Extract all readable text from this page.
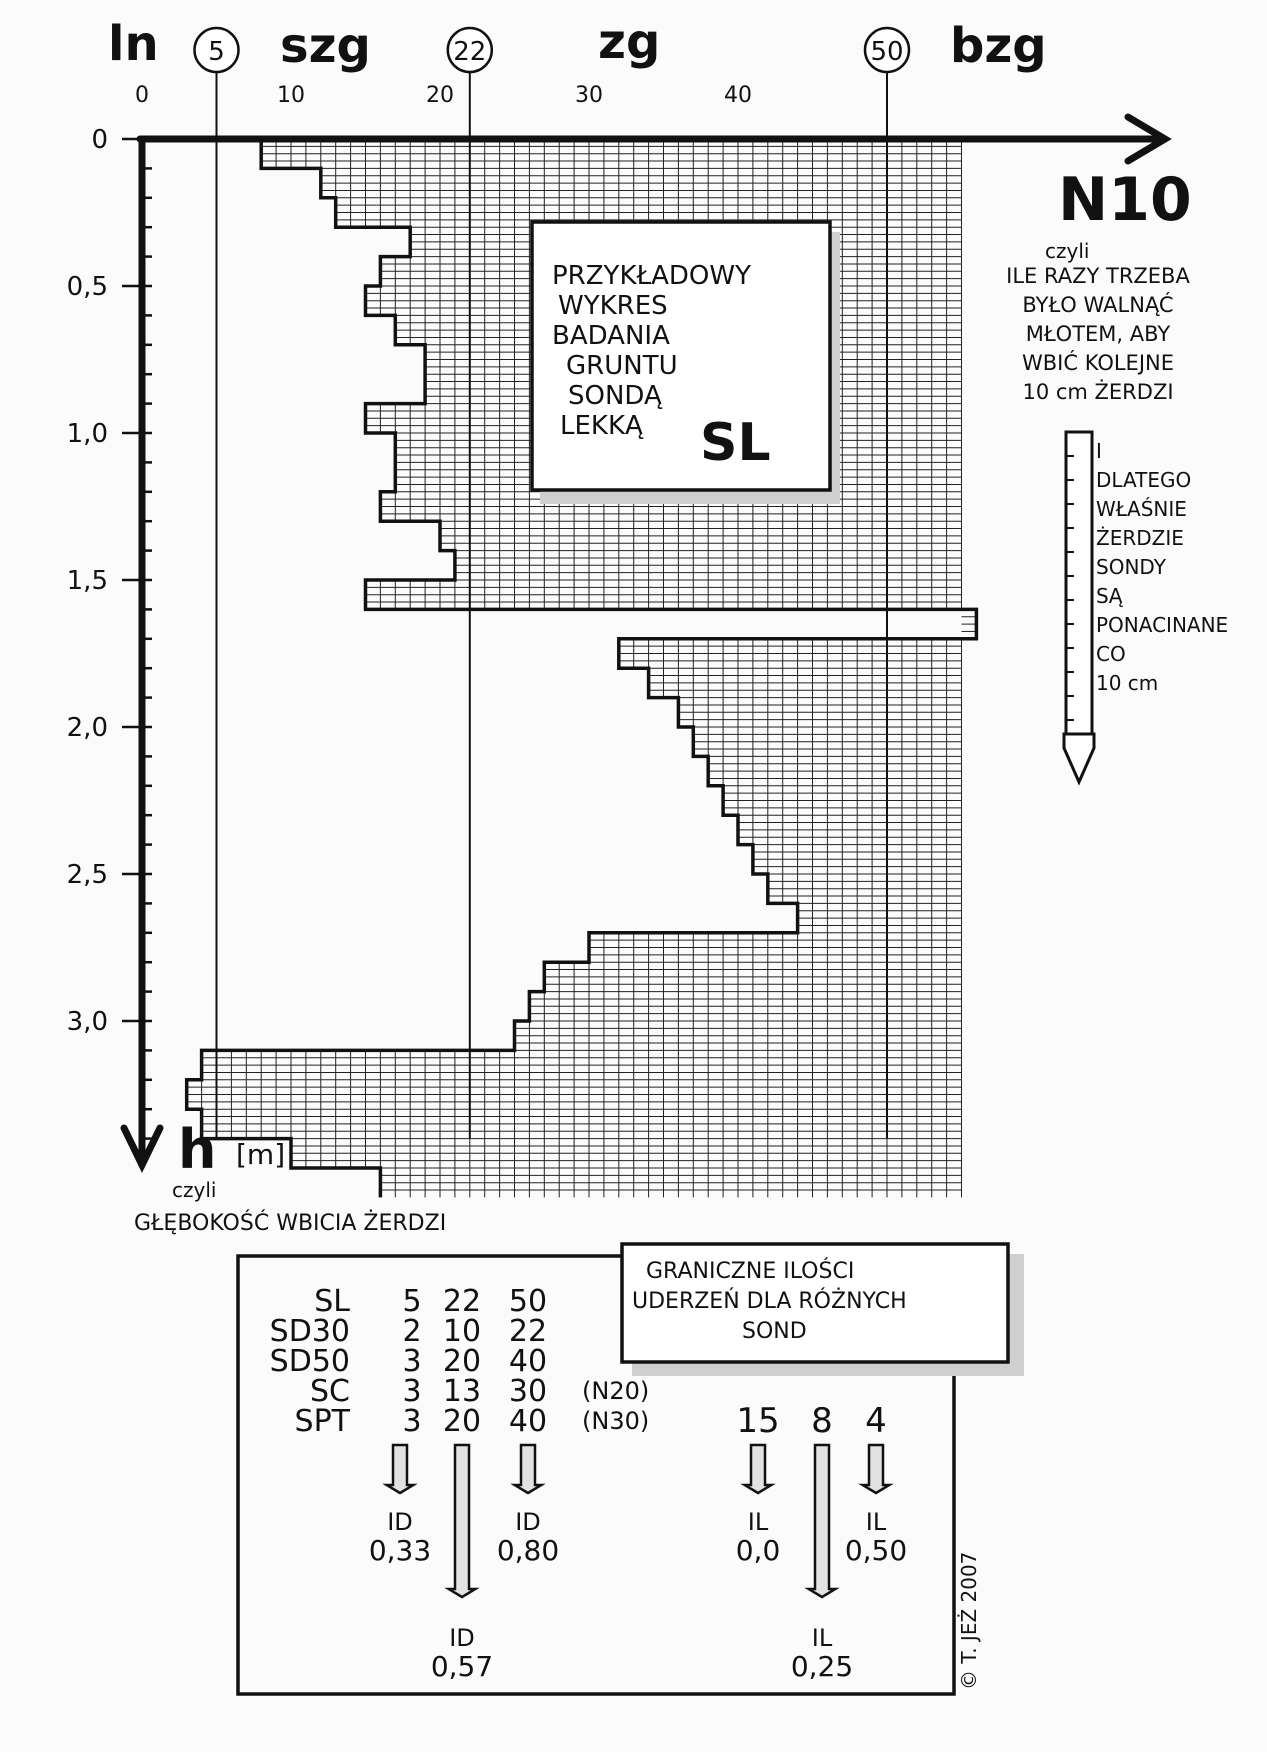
0	10	20	30	40
0
0,5
1,0
1,5
2,0
2,5
3,0
5	22	50
ln	szg	zg	bzg
N10
czyli
ILE RAZY TRZEBA
BYŁO WALNĄĆ
MŁOTEM, ABY
WBIĆ KOLEJNE
10 cm ŻERDZI
PRZYKŁADOWY
WYKRES
BADANIA
GRUNTU
SONDĄ
LEKKĄ SL	I
DLATEGO
WŁAŚNIE
ŻERDZIE
SONDY
SĄ
PONACINANE
CO
10 cm
h [m]
czyli
GŁĘBOKOŚĆ WBICIA ŻERDZI
GRANICZNE ILOŚCI
UDERZEŃ DLA RÓŻNYCH
SOND
SL 5 22 50
SD30 2 10 22
SD50 3 20 40
SC 3 13 30 (N20)
SPT 3 20 40 (N30)	15 8 4
ID
0,33
ID
0,80
ID
0,57
IL
0,0
IL
0,50
IL
0,25	© T. JEŻ 2007
